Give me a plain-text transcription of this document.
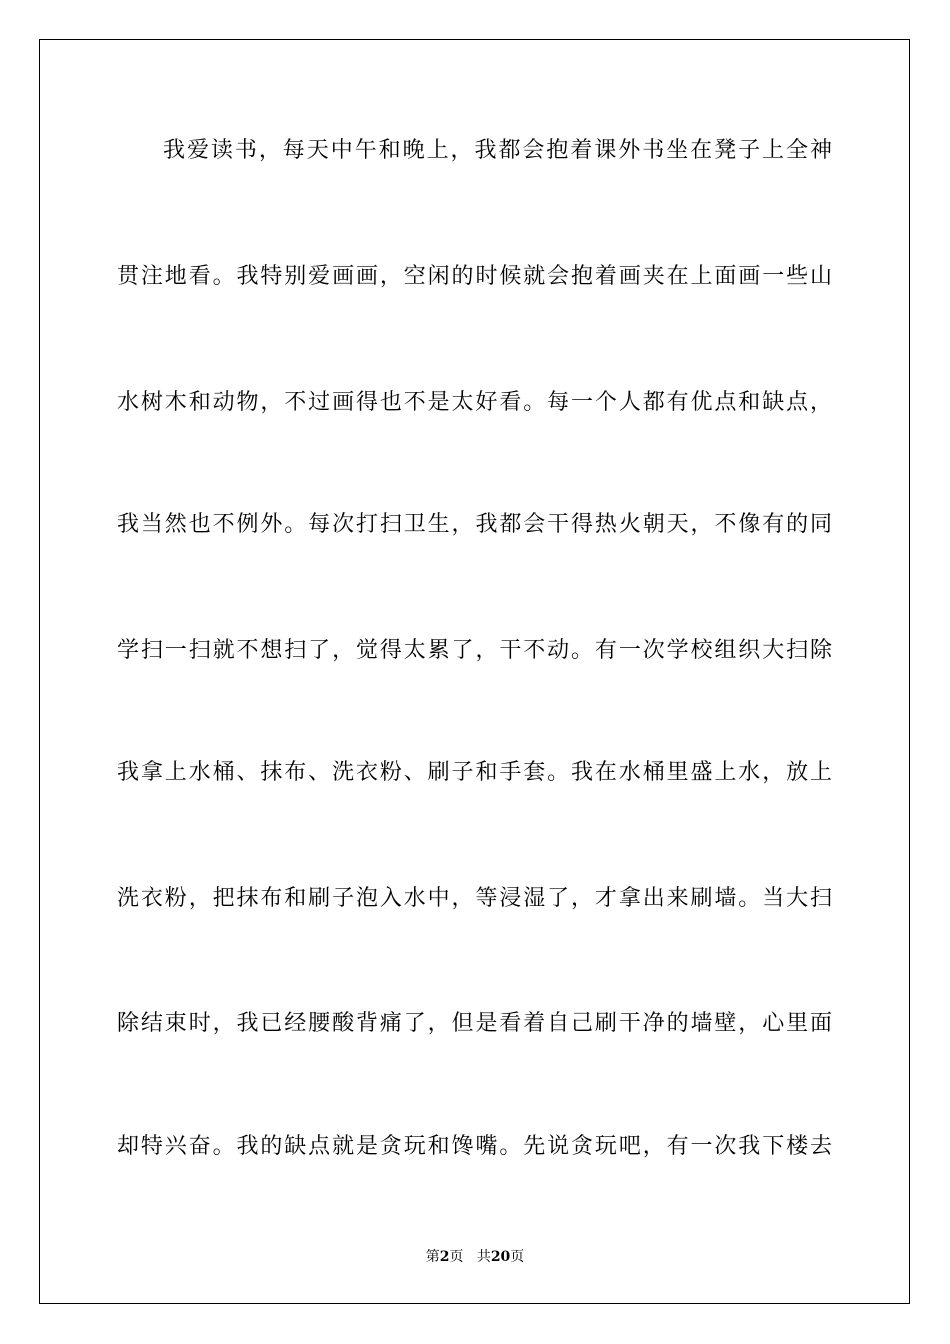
我爱读书，每天中午和晚上，我都会抱着课外书坐在凳子上全神
贯注地看。我特别爱画画，空闲的时候就会抱着画夹在上面画一些山
水树木和动物，不过画得也不是太好看。每一个人都有优点和缺点，
我当然也不例外。每次打扫卫生，我都会干得热火朝天，不像有的同
学扫一扫就不想扫了，觉得太累了，干不动。有一次学校组织大扫除
我拿上水桶、抹布、洗衣粉、刷子和手套。我在水桶里盛上水，放上
洗衣粉，把抹布和刷子泡入水中，等浸湿了，才拿出来刷墙。当大扫
除结束时，我已经腰酸背痛了，但是看着自己刷干净的墙壁，心里面
却特兴奋。我的缺点就是贪玩和馋嘴。先说贪玩吧，有一次我下楼去
第2页 共20页
